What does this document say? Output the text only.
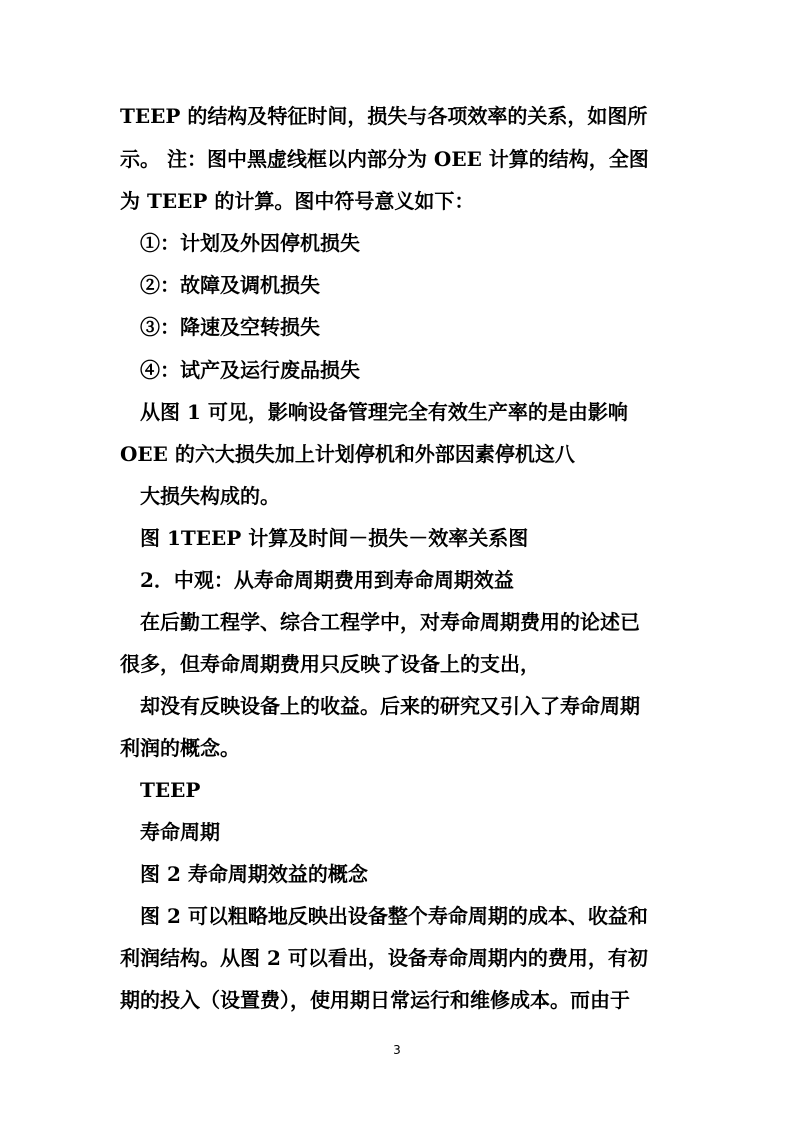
TEEP 的结构及特征时间，损失与各项效率的关系，如图所
示。 注：图中黑虚线框以内部分为 OEE 计算的结构，全图
为 TEEP 的计算。图中符号意义如下：
①：计划及外因停机损失
②：故障及调机损失
③：降速及空转损失
④：试产及运行废品损失
从图 1 可见，影响设备管理完全有效生产率的是由影响
OEE 的六大损失加上计划停机和外部因素停机这八
大损失构成的。
图 1TEEP 计算及时间－损失－效率关系图
2．中观：从寿命周期费用到寿命周期效益
在后勤工程学、综合工程学中，对寿命周期费用的论述已
很多，但寿命周期费用只反映了设备上的支出，
却没有反映设备上的收益。后来的研究又引入了寿命周期
利润的概念。
TEEP
寿命周期
图 2 寿命周期效益的概念
图 2 可以粗略地反映出设备整个寿命周期的成本、收益和
利润结构。从图 2 可以看出，设备寿命周期内的费用，有初
期的投入（设置费），使用期日常运行和维修成本。而由于
3
